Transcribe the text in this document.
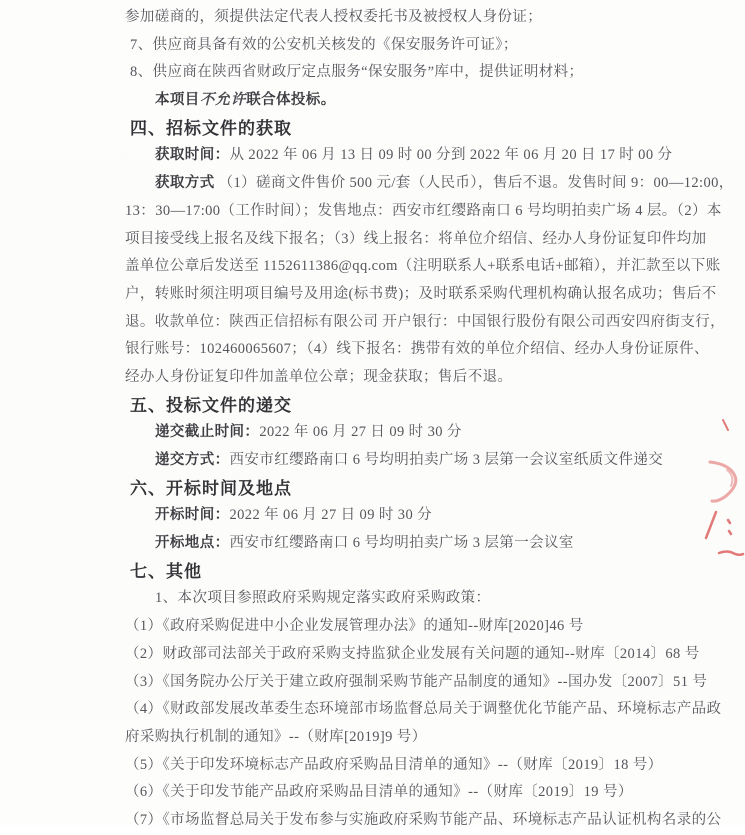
参加磋商的，须提供法定代表人授权委托书及被授权人身份证；
7、供应商具备有效的公安机关核发的《保安服务许可证》；
8、供应商在陕西省财政厅定点服务“保安服务”库中，提供证明材料；
本项目不允许联合体投标。
四、招标文件的获取
获取时间：从 2022 年 06 月 13 日 09 时 00 分到 2022 年 06 月 20 日 17 时 00 分
获取方式 （1）磋商文件售价 500 元/套（人民币），售后不退。发售时间 9：00—12:00，
13：30—17:00（工作时间）；发售地点：西安市红缨路南口 6 号均明拍卖广场 4 层。（2）本
项目接受线上报名及线下报名；（3）线上报名：将单位介绍信、经办人身份证复印件均加
盖单位公章后发送至 1152611386@qq.com（注明联系人+联系电话+邮箱），并汇款至以下账
户，转账时须注明项目编号及用途(标书费)；及时联系采购代理机构确认报名成功；售后不
退。收款单位：陕西正信招标有限公司 开户银行：中国银行股份有限公司西安四府街支行，
银行账号：102460065607；（4）线下报名：携带有效的单位介绍信、经办人身份证原件、
经办人身份证复印件加盖单位公章；现金获取；售后不退。
五、投标文件的递交
递交截止时间：2022 年 06 月 27 日 09 时 30 分
递交方式：西安市红缨路南口 6 号均明拍卖广场 3 层第一会议室纸质文件递交
六、开标时间及地点
开标时间：2022 年 06 月 27 日 09 时 30 分
开标地点：西安市红缨路南口 6 号均明拍卖广场 3 层第一会议室
七、其他
1、本次项目参照政府采购规定落实政府采购政策：
（1）《政府采购促进中小企业发展管理办法》的通知--财库[2020]46 号
（2）财政部司法部关于政府采购支持监狱企业发展有关问题的通知--财库〔2014〕68 号
（3）《国务院办公厅关于建立政府强制采购节能产品制度的通知》--国办发〔2007〕51 号
（4）《财政部发展改革委生态环境部市场监督总局关于调整优化节能产品、环境标志产品政
府采购执行机制的通知》--（财库[2019]9 号）
（5）《关于印发环境标志产品政府采购品目清单的通知》--（财库〔2019〕18 号）
（6）《关于印发节能产品政府采购品目清单的通知》--（财库〔2019〕19 号）
（7）《市场监督总局关于发布参与实施政府采购节能产品、环境标志产品认证机构名录的公
